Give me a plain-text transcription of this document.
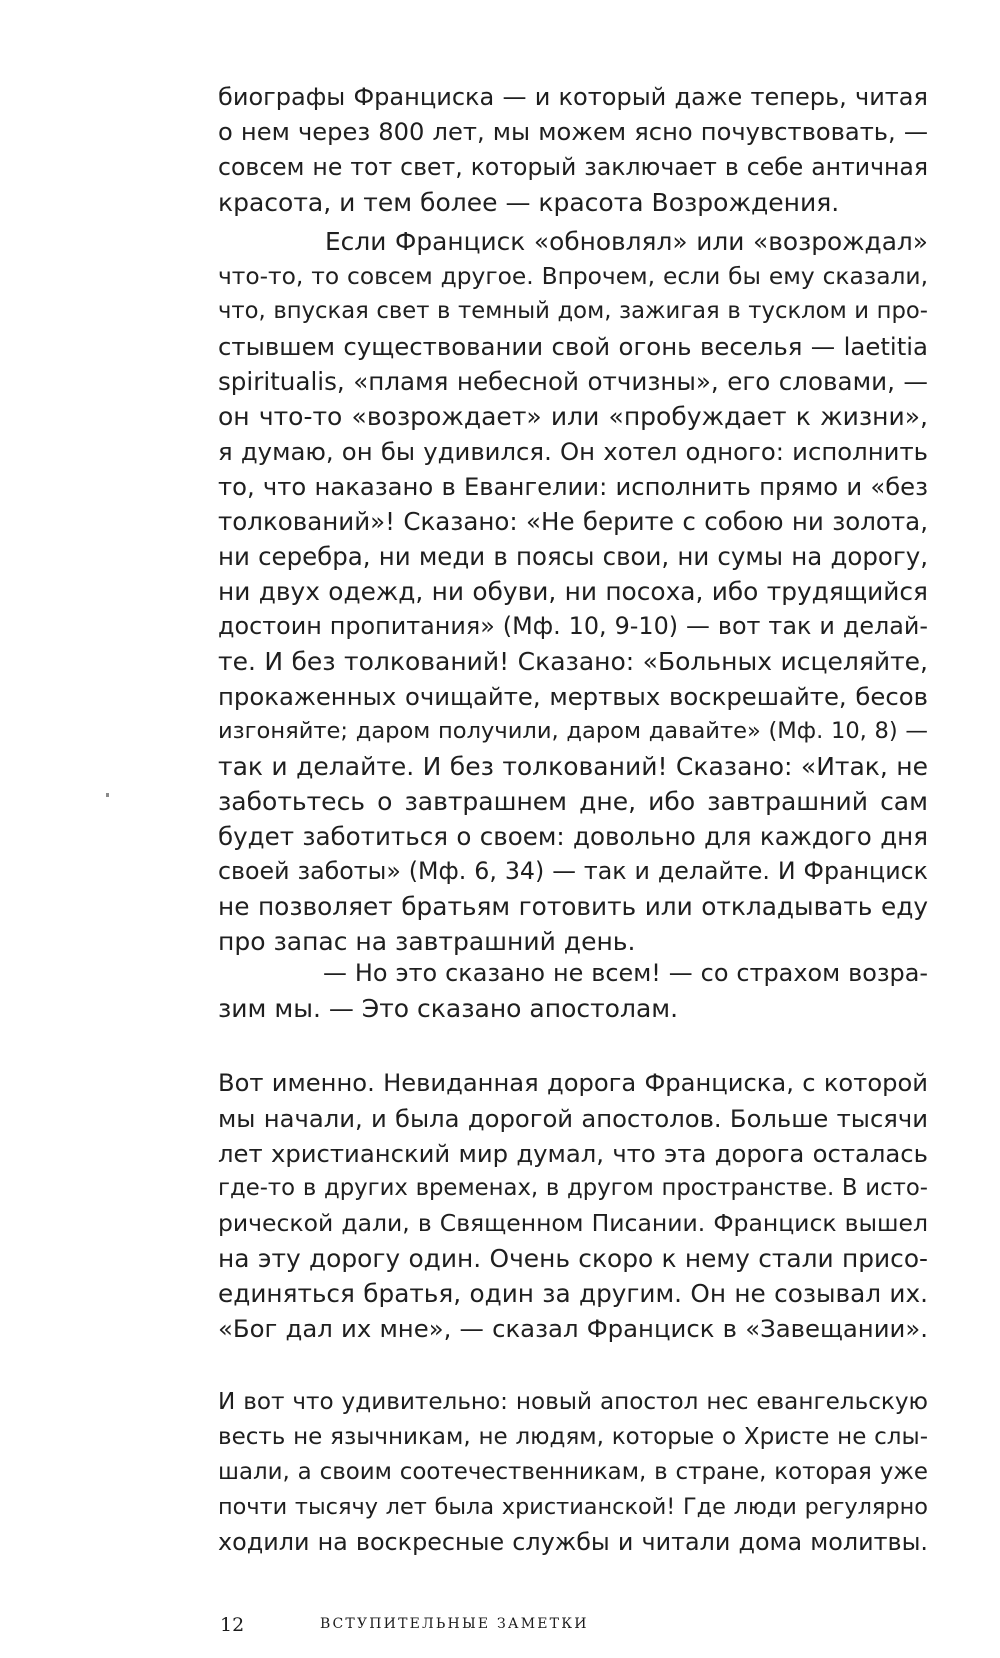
биографы Франциска — и который даже теперь, читая
о нем через 800 лет, мы можем ясно почувствовать, —
совсем не тот свет, который заключает в себе античная
красота, и тем более — красота Возрождения.
Если Франциск «обновлял» или «возрождал»
что-то, то совсем другое. Впрочем, если бы ему сказали,
что, впуская свет в темный дом, зажигая в тусклом и про-
стывшем существовании свой огонь веселья — laetitia
spiritualis, «пламя небесной отчизны», его словами, —
он что-то «возрождает» или «пробуждает к жизни»,
я думаю, он бы удивился. Он хотел одного: исполнить
то, что наказано в Евангелии: исполнить прямо и «без
толкований»! Сказано: «Не берите с собою ни золота,
ни серебра, ни меди в поясы свои, ни сумы на дорогу,
ни двух одежд, ни обуви, ни посоха, ибо трудящийся
достоин пропитания» (Мф. 10, 9-10) — вот так и делай-
те. И без толкований! Сказано: «Больных исцеляйте,
прокаженных очищайте, мертвых воскрешайте, бесов
изгоняйте; даром получили, даром давайте» (Мф. 10, 8) —
так и делайте. И без толкований! Сказано: «Итак, не
заботьтесь о завтрашнем дне, ибо завтрашний сам
будет заботиться о своем: довольно для каждого дня
своей заботы» (Мф. 6, 34) — так и делайте. И Франциск
не позволяет братьям готовить или откладывать еду
про запас на завтрашний день.
— Но это сказано не всем! — со страхом возра-
зим мы. — Это сказано апостолам.
Вот именно. Невиданная дорога Франциска, с которой
мы начали, и была дорогой апостолов. Больше тысячи
лет христианский мир думал, что эта дорога осталась
где-то в других временах, в другом пространстве. В исто-
рической дали, в Священном Писании. Франциск вышел
на эту дорогу один. Очень скоро к нему стали присо-
единяться братья, один за другим. Он не созывал их.
«Бог дал их мне», — сказал Франциск в «Завещании».
И вот что удивительно: новый апостол нес евангельскую
весть не язычникам, не людям, которые о Христе не слы-
шали, а своим соотечественникам, в стране, которая уже
почти тысячу лет была христианской! Где люди регулярно
ходили на воскресные службы и читали дома молитвы.
12	ВСТУПИТЕЛЬНЫЕ ЗАМЕТКИ
